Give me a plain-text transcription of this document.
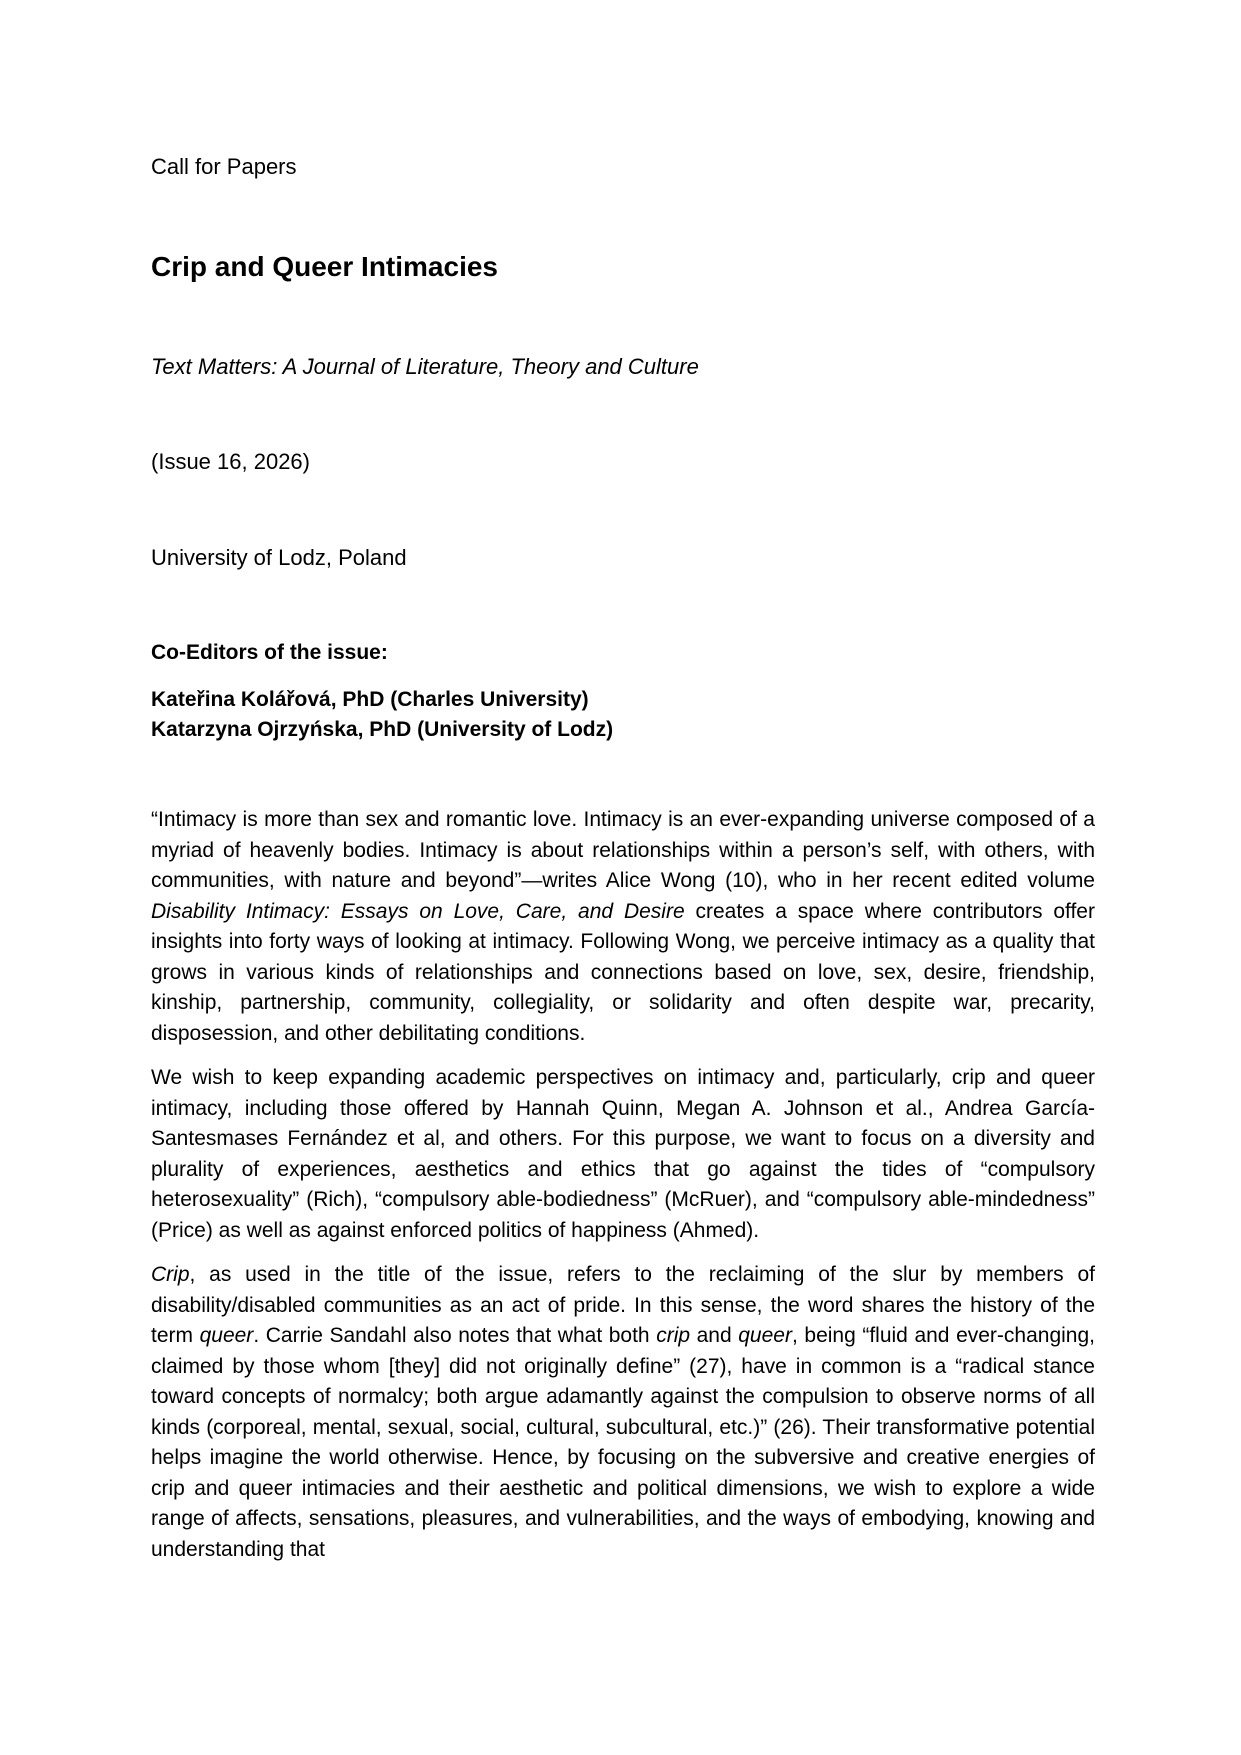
Call for Papers

Crip and Queer Intimacies

Text Matters: A Journal of Literature, Theory and Culture

(Issue 16, 2026)

University of Lodz, Poland

Co-Editors of the issue:

Kateřina Kolářová, PhD (Charles University)
Katarzyna Ojrzyńska, PhD (University of Lodz)

“Intimacy is more than sex and romantic love. Intimacy is an ever-expanding universe composed of a myriad of heavenly bodies. Intimacy is about relationships within a person’s self, with others, with communities, with nature and beyond”—writes Alice Wong (10), who in her recent edited volume Disability Intimacy: Essays on Love, Care, and Desire creates a space where contributors offer insights into forty ways of looking at intimacy. Following Wong, we perceive intimacy as a quality that grows in various kinds of relationships and connections based on love, sex, desire, friendship, kinship, partnership, community, collegiality, or solidarity and often despite war, precarity, disposession, and other debilitating conditions.

We wish to keep expanding academic perspectives on intimacy and, particularly, crip and queer intimacy, including those offered by Hannah Quinn, Megan A. Johnson et al., Andrea García-Santesmases Fernández et al, and others. For this purpose, we want to focus on a diversity and plurality of experiences, aesthetics and ethics that go against the tides of “compulsory heterosexuality” (Rich), “compulsory able-bodiedness” (McRuer), and “compulsory able-mindedness” (Price) as well as against enforced politics of happiness (Ahmed).

Crip, as used in the title of the issue, refers to the reclaiming of the slur by members of disability/disabled communities as an act of pride. In this sense, the word shares the history of the term queer. Carrie Sandahl also notes that what both crip and queer, being “fluid and ever-changing, claimed by those whom [they] did not originally define” (27), have in common is a “radical stance toward concepts of normalcy; both argue adamantly against the compulsion to observe norms of all kinds (corporeal, mental, sexual, social, cultural, subcultural, etc.)” (26). Their transformative potential helps imagine the world otherwise. Hence, by focusing on the subversive and creative energies of crip and queer intimacies and their aesthetic and political dimensions, we wish to explore a wide range of affects, sensations, pleasures, and vulnerabilities, and the ways of embodying, knowing and understanding that
